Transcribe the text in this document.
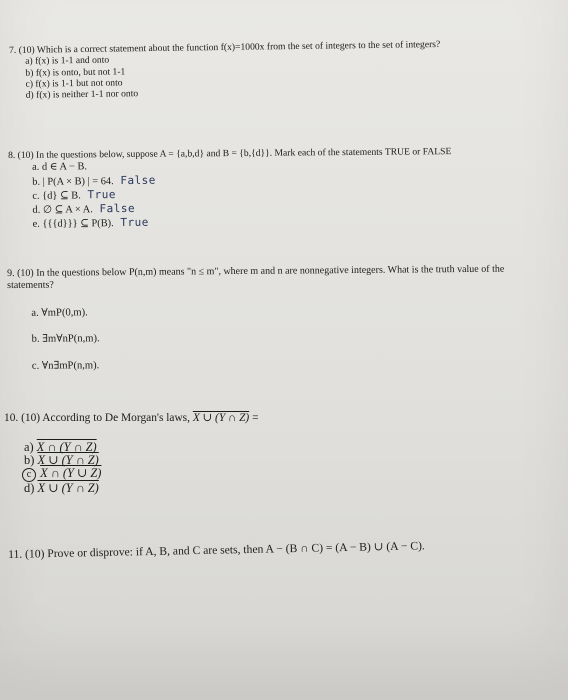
7. (10) Which is a correct statement about the function f(x)=1000x from the set of integers to the set of integers?

a) f(x) is 1-1 and onto

b) f(x) is onto, but not 1-1

c) f(x) is 1-1 but not onto

d) f(x) is neither 1-1 nor onto

8. (10) In the questions below, suppose A = {a,b,d} and B = {b,{d}}. Mark each of the statements TRUE or FALSE

a. d ∈ A − B.

b. | P(A × B) | = 64. False

c. {d} ⊆ B. True

d. ∅ ⊆ A × A. False

e. {{{d}}} ⊆ P(B). True

9. (10) In the questions below P(n,m) means "n ≤ m", where m and n are nonnegative integers. What is the truth value of the statements?

a. ∀mP(0,m).

b. ∃m∀nP(n,m).

c. ∀n∃mP(n,m).

10. (10) According to De Morgan's laws, X ∪ (Y ∩ Z) =

a) X ∩ (Y ∩ Z)

b) X ∪ (Y ∩ Z)

c X ∩ (Y ∪ Z)

d) X ∪ (Y ∩ Z)

11. (10) Prove or disprove: if A, B, and C are sets, then A − (B ∩ C) = (A − B) ∪ (A − C).
